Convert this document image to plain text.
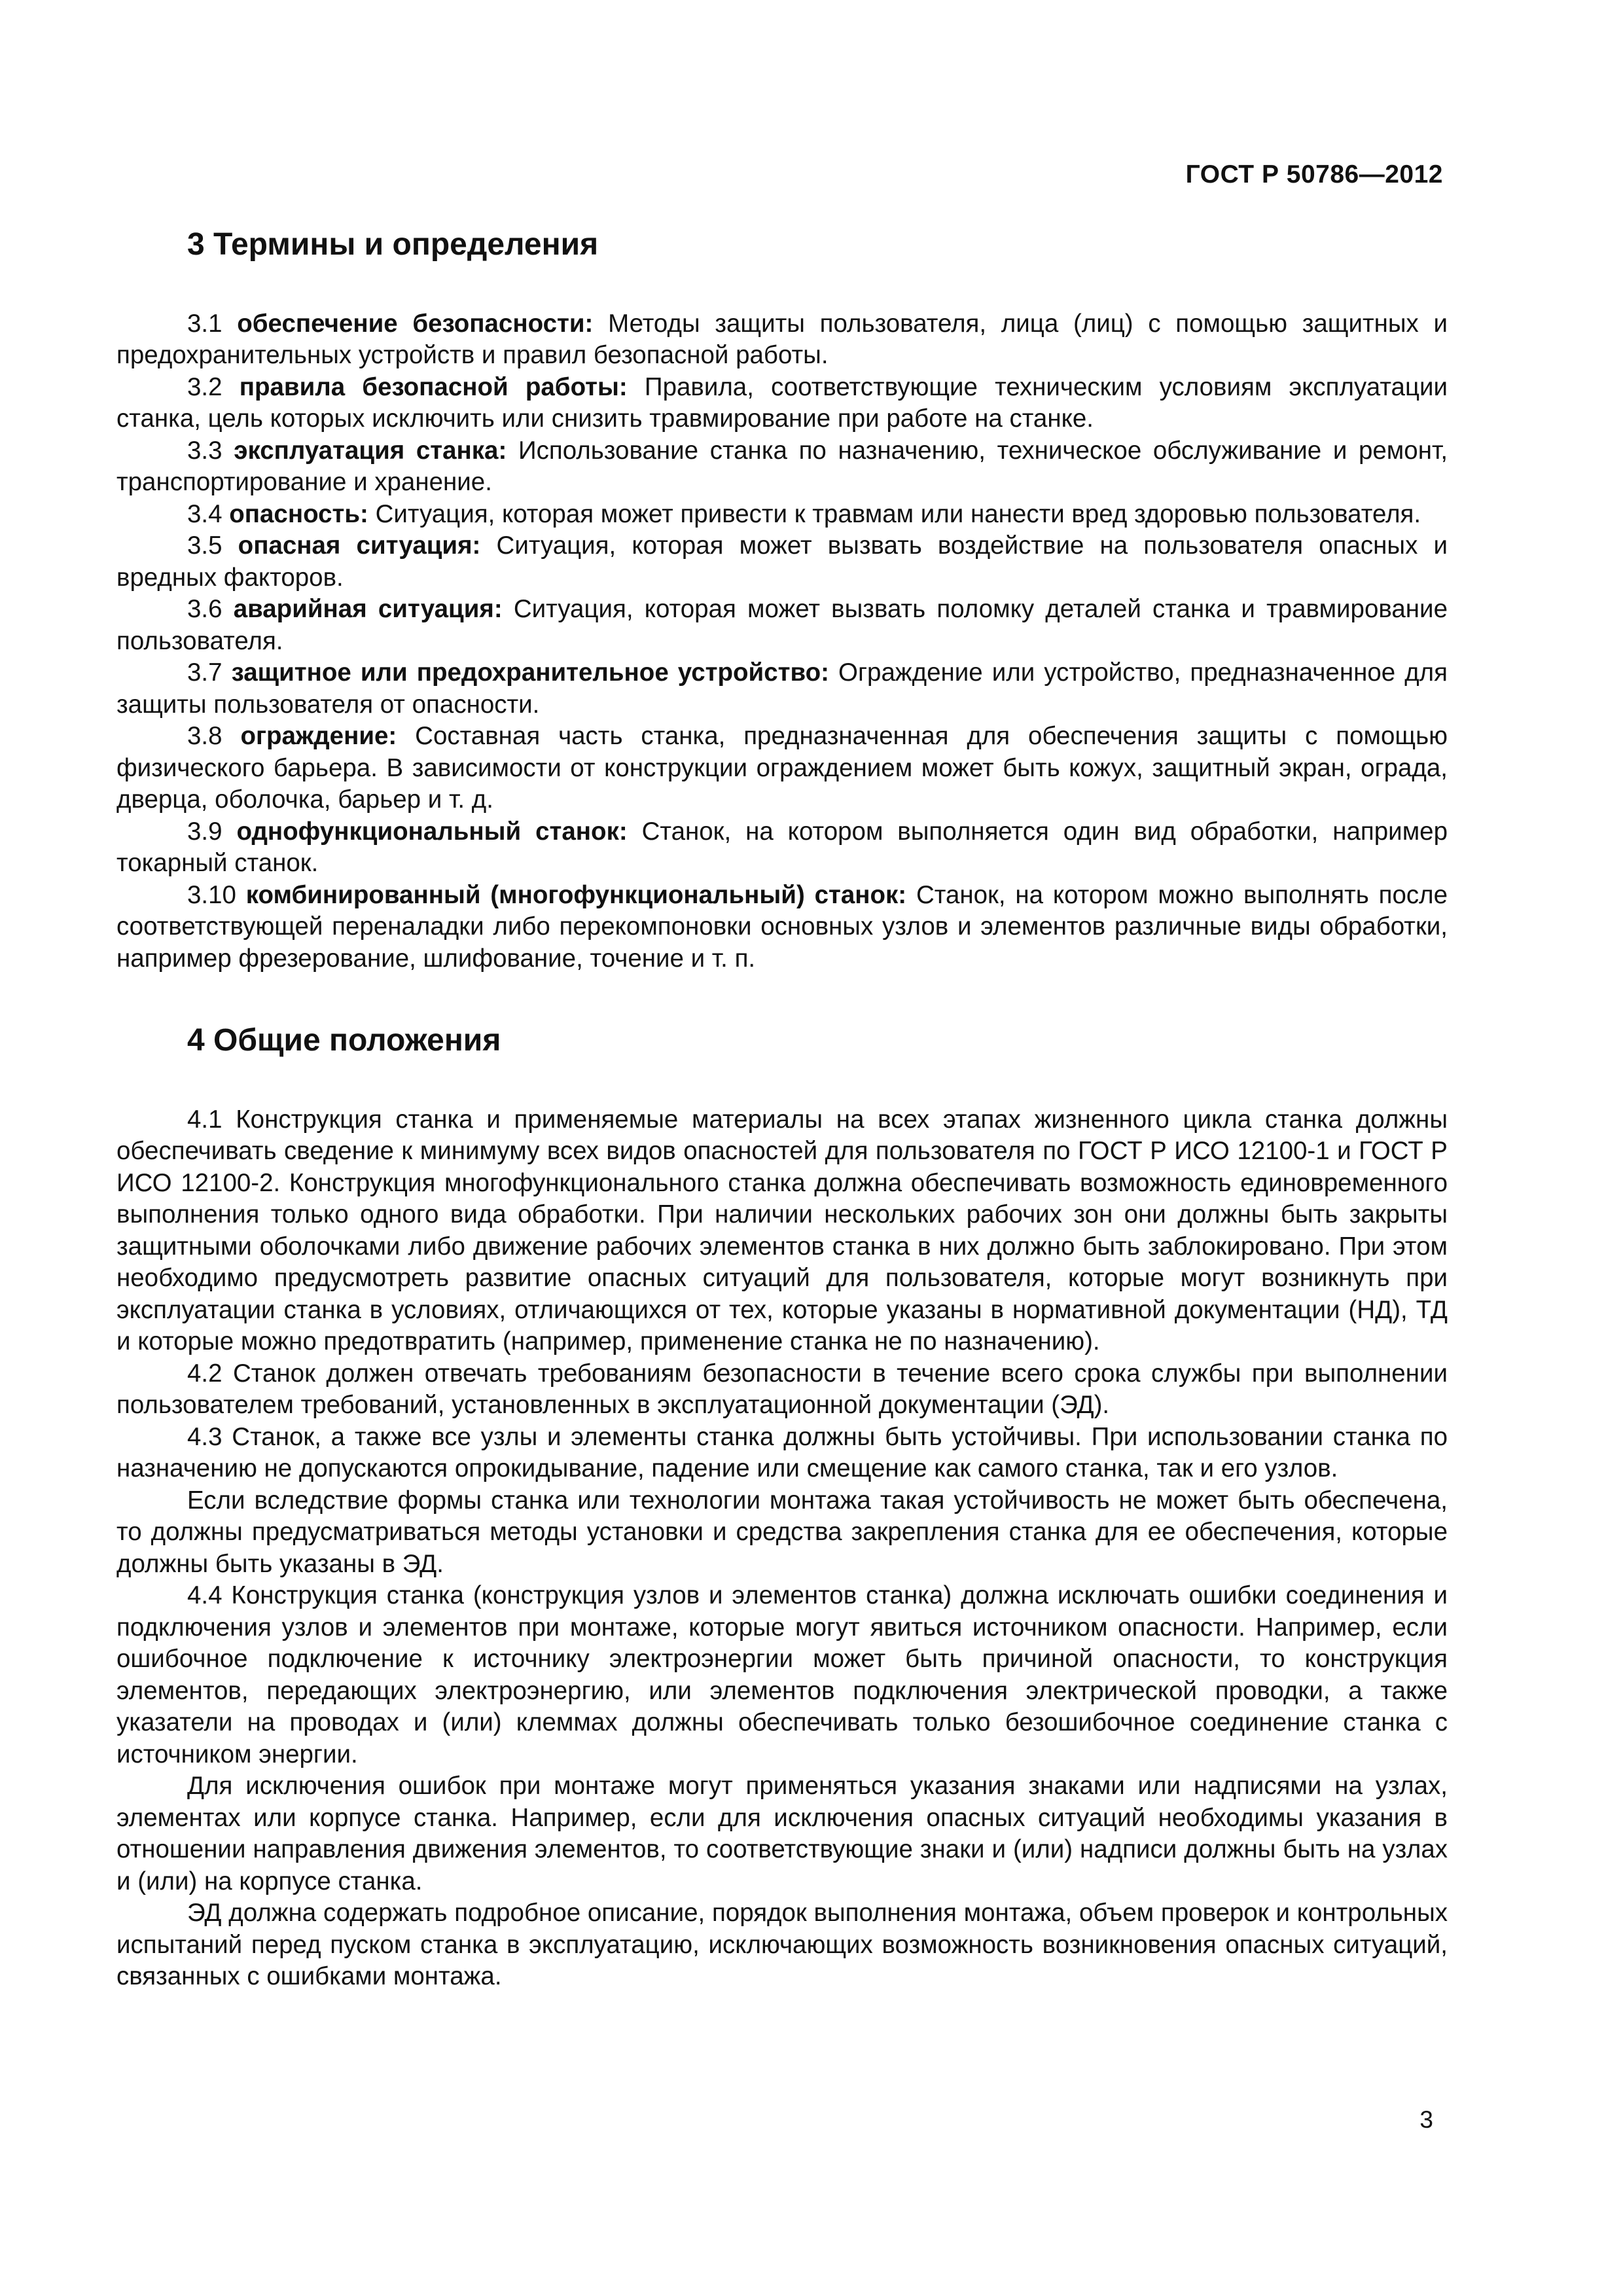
ГОСТ Р 50786—2012
3 Термины и определения

3.1 обеспечение безопасности: Методы защиты пользователя, лица (лиц) с помощью защитных и предохранительных устройств и правил безопасной работы.

3.2 правила безопасной работы: Правила, соответствующие техническим условиям эксплуатации станка, цель которых исключить или снизить травмирование при работе на станке.

3.3 эксплуатация станка: Использование станка по назначению, техническое обслуживание и ремонт, транспортирование и хранение.

3.4 опасность: Ситуация, которая может привести к травмам или нанести вред здоровью пользователя.

3.5 опасная ситуация: Ситуация, которая может вызвать воздействие на пользователя опасных и вредных факторов.

3.6 аварийная ситуация: Ситуация, которая может вызвать поломку деталей станка и травмирование пользователя.

3.7 защитное или предохранительное устройство: Ограждение или устройство, предназначенное для защиты пользователя от опасности.

3.8 ограждение: Составная часть станка, предназначенная для обеспечения защиты с помощью физического барьера. В зависимости от конструкции ограждением может быть кожух, защитный экран, ограда, дверца, оболочка, барьер и т. д.

3.9 однофункциональный станок: Станок, на котором выполняется один вид обработки, например токарный станок.

3.10 комбинированный (многофункциональный) станок: Станок, на котором можно выполнять после соответствующей переналадки либо перекомпоновки основных узлов и элементов различные виды обработки, например фрезерование, шлифование, точение и т. п.

4 Общие положения

4.1 Конструкция станка и применяемые материалы на всех этапах жизненного цикла станка должны обеспечивать сведение к минимуму всех видов опасностей для пользователя по ГОСТ Р ИСО 12100-1 и ГОСТ Р ИСО 12100-2. Конструкция многофункционального станка должна обеспечивать возможность единовременного выполнения только одного вида обработки. При наличии нескольких рабочих зон они должны быть закрыты защитными оболочками либо движение рабочих элементов станка в них должно быть заблокировано. При этом необходимо предусмотреть развитие опасных ситуаций для пользователя, которые могут возникнуть при эксплуатации станка в условиях, отличающихся от тех, которые указаны в нормативной документации (НД), ТД и которые можно предотвратить (например, применение станка не по назначению).

4.2 Станок должен отвечать требованиям безопасности в течение всего срока службы при выполнении пользователем требований, установленных в эксплуатационной документации (ЭД).

4.3 Станок, а также все узлы и элементы станка должны быть устойчивы. При использовании станка по назначению не допускаются опрокидывание, падение или смещение как самого станка, так и его узлов.

Если вследствие формы станка или технологии монтажа такая устойчивость не может быть обеспечена, то должны предусматриваться методы установки и средства закрепления станка для ее обеспечения, которые должны быть указаны в ЭД.

4.4 Конструкция станка (конструкция узлов и элементов станка) должна исключать ошибки соединения и подключения узлов и элементов при монтаже, которые могут явиться источником опасности. Например, если ошибочное подключение к источнику электроэнергии может быть причиной опасности, то конструкция элементов, передающих электроэнергию, или элементов подключения электрической проводки, а также указатели на проводах и (или) клеммах должны обеспечивать только безошибочное соединение станка с источником энергии.

Для исключения ошибок при монтаже могут применяться указания знаками или надписями на узлах, элементах или корпусе станка. Например, если для исключения опасных ситуаций необходимы указания в отношении направления движения элементов, то соответствующие знаки и (или) надписи должны быть на узлах и (или) на корпусе станка.

ЭД должна содержать подробное описание, порядок выполнения монтажа, объем проверок и контрольных испытаний перед пуском станка в эксплуатацию, исключающих возможность возникновения опасных ситуаций, связанных с ошибками монтажа.

3
